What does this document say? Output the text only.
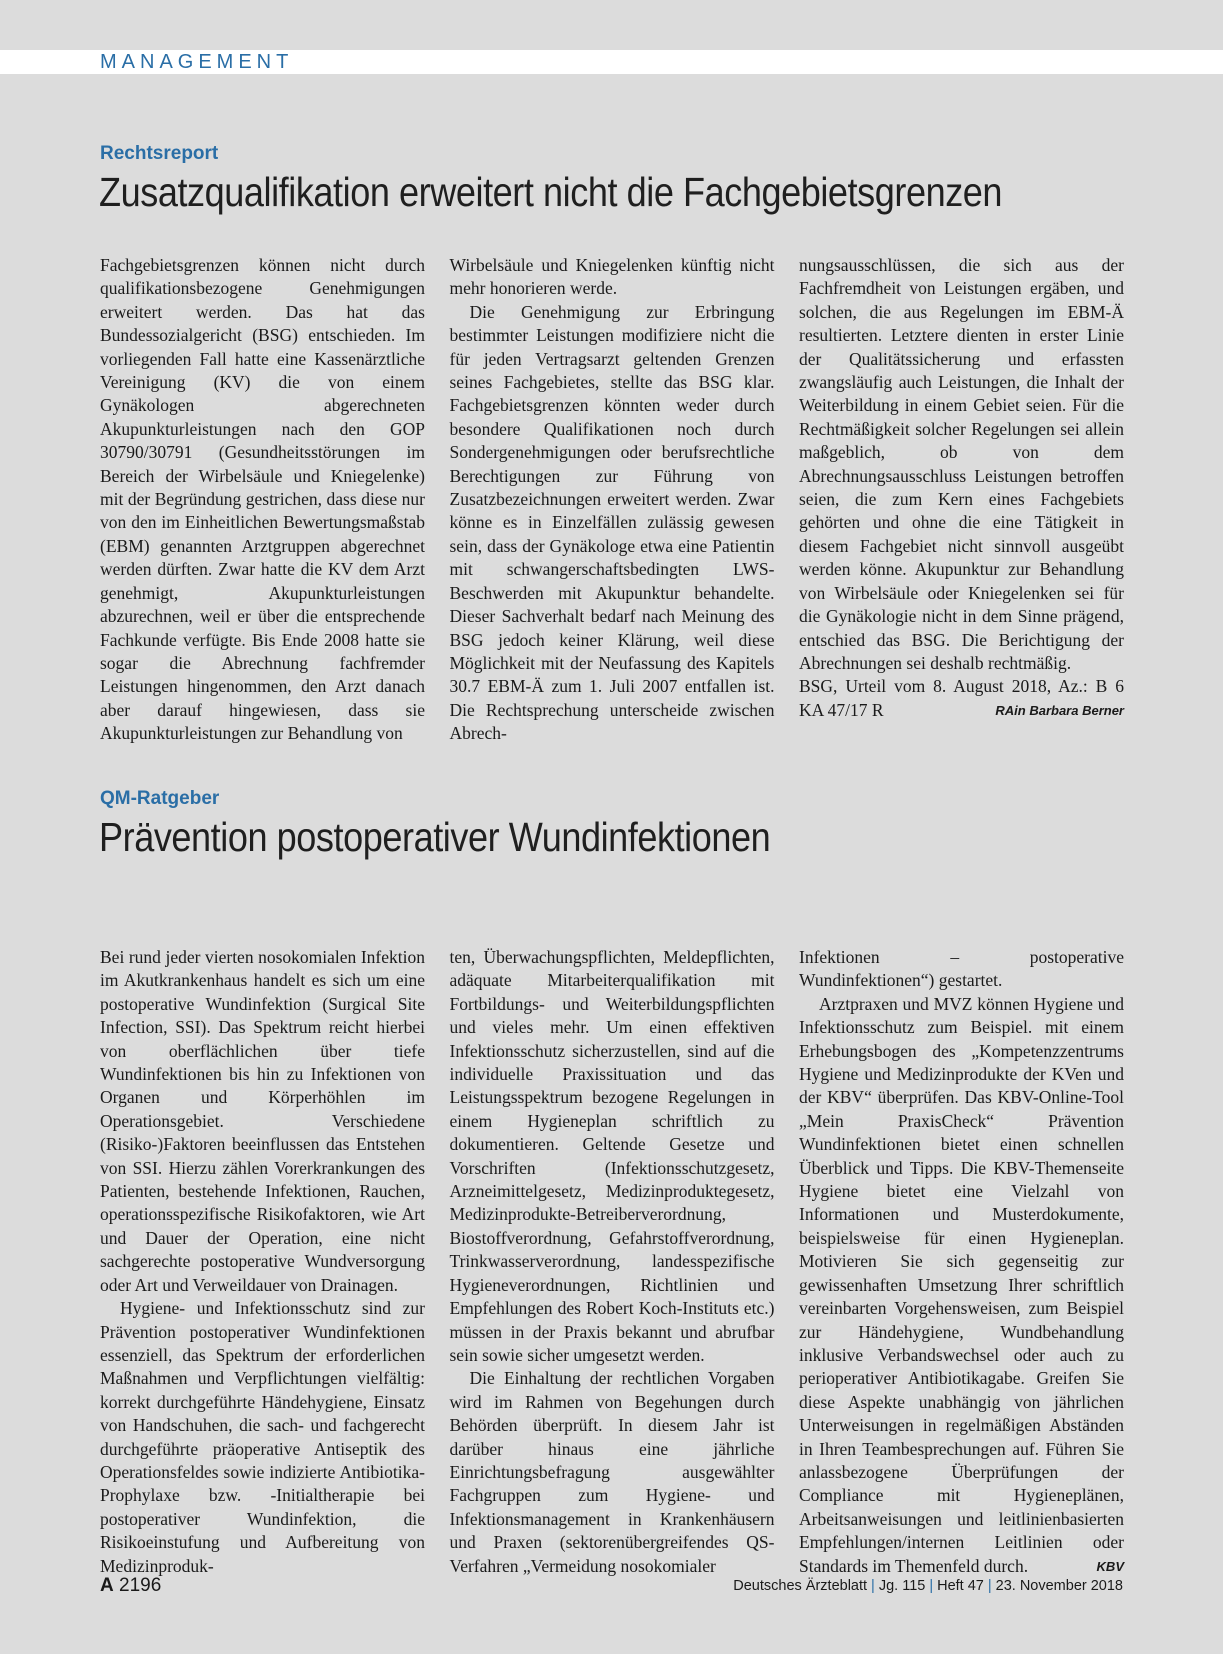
MANAGEMENT
Rechtsreport
Zusatzqualifikation erweitert nicht die Fachgebietsgrenzen

Fachgebietsgrenzen können nicht durch qualifikationsbezogene Genehmigungen erweitert werden. Das hat das Bundessozialgericht (BSG) entschieden. Im vorliegenden Fall hatte eine Kassenärztliche Vereinigung (KV) die von einem Gynäkologen abgerechneten Akupunkturleistungen nach den GOP 30790/30791 (Gesundheitsstörungen im Bereich der Wirbelsäule und Kniegelenke) mit der Begründung gestrichen, dass diese nur von den im Einheitlichen Bewertungsmaßstab (EBM) genannten Arztgruppen abgerechnet werden dürften. Zwar hatte die KV dem Arzt genehmigt, Akupunkturleistungen abzurechnen, weil er über die entsprechende Fachkunde verfügte. Bis Ende 2008 hatte sie sogar die Abrechnung fachfremder Leistungen hingenommen, den Arzt danach aber darauf hingewiesen, dass sie Akupunkturleistungen zur Behandlung von

Wirbelsäule und Kniegelenken künftig nicht mehr honorieren werde.

Die Genehmigung zur Erbringung bestimmter Leistungen modifiziere nicht die für jeden Vertragsarzt geltenden Grenzen seines Fachgebietes, stellte das BSG klar. Fachgebietsgrenzen könnten weder durch besondere Qualifikationen noch durch Sondergenehmigungen oder berufsrechtliche Berechtigungen zur Führung von Zusatzbezeichnungen erweitert werden. Zwar könne es in Einzelfällen zulässig gewesen sein, dass der Gynäkologe etwa eine Patientin mit schwangerschaftsbedingten LWS-Beschwerden mit Akupunktur behandelte. Dieser Sachverhalt bedarf nach Meinung des BSG jedoch keiner Klärung, weil diese Möglichkeit mit der Neufassung des Kapitels 30.7 EBM-Ä zum 1. Juli 2007 entfallen ist. Die Rechtsprechung unterscheide zwischen Abrech-

nungsausschlüssen, die sich aus der Fachfremdheit von Leistungen ergäben, und solchen, die aus Regelungen im EBM-Ä resultierten. Letztere dienten in erster Linie der Qualitätssicherung und erfassten zwangsläufig auch Leistungen, die Inhalt der Weiterbildung in einem Gebiet seien. Für die Rechtmäßigkeit solcher Regelungen sei allein maßgeblich, ob von dem Abrechnungsausschluss Leistungen betroffen seien, die zum Kern eines Fachgebiets gehörten und ohne die eine Tätigkeit in diesem Fachgebiet nicht sinnvoll ausgeübt werden könne. Akupunktur zur Behandlung von Wirbelsäule oder Kniegelenken sei für die Gynäkologie nicht in dem Sinne prägend, entschied das BSG. Die Berichtigung der Abrechnungen sei deshalb rechtmäßig.

BSG, Urteil vom 8. August 2018, Az.: B 6 KA 47/17 R	RAin Barbara Berner

QM-Ratgeber
Prävention postoperativer Wundinfektionen

Bei rund jeder vierten nosokomialen Infektion im Akutkrankenhaus handelt es sich um eine postoperative Wundinfektion (Surgical Site Infection, SSI). Das Spektrum reicht hierbei von oberflächlichen über tiefe Wundinfektionen bis hin zu Infektionen von Organen und Körperhöhlen im Operationsgebiet. Verschiedene (Risiko-)Faktoren beeinflussen das Entstehen von SSI. Hierzu zählen Vorerkrankungen des Patienten, bestehende Infektionen, Rauchen, operationsspezifische Risikofaktoren, wie Art und Dauer der Operation, eine nicht sachgerechte postoperative Wundversorgung oder Art und Verweildauer von Drainagen.

Hygiene- und Infektionsschutz sind zur Prävention postoperativer Wundinfektionen essenziell, das Spektrum der erforderlichen Maßnahmen und Verpflichtungen vielfältig: korrekt durchgeführte Händehygiene, Einsatz von Handschuhen, die sach- und fachgerecht durchgeführte präoperative Antiseptik des Operationsfeldes sowie indizierte Antibiotika-Prophylaxe bzw. -Initialtherapie bei postoperativer Wundinfektion, die Risikoeinstufung und Aufbereitung von Medizinproduk-

ten, Überwachungspflichten, Meldepflichten, adäquate Mitarbeiterqualifikation mit Fortbildungs- und Weiterbildungspflichten und vieles mehr. Um einen effektiven Infektionsschutz sicherzustellen, sind auf die individuelle Praxissituation und das Leistungsspektrum bezogene Regelungen in einem Hygieneplan schriftlich zu dokumentieren. Geltende Gesetze und Vorschriften (Infektionsschutzgesetz, Arzneimittelgesetz, Medizinproduktegesetz, Medizinprodukte-Betreiberverordnung, Biostoffverordnung, Gefahrstoffverordnung, Trinkwasserverordnung, landesspezifische Hygieneverordnungen, Richtlinien und Empfehlungen des Robert Koch-Instituts etc.) müssen in der Praxis bekannt und abrufbar sein sowie sicher umgesetzt werden.

Die Einhaltung der rechtlichen Vorgaben wird im Rahmen von Begehungen durch Behörden überprüft. In diesem Jahr ist darüber hinaus eine jährliche Einrichtungsbefragung ausgewählter Fachgruppen zum Hygiene- und Infektionsmanagement in Krankenhäusern und Praxen (sektorenübergreifendes QS-Verfahren „Vermeidung nosokomialer

Infektionen – postoperative Wundinfektionen“) gestartet.

Arztpraxen und MVZ können Hygiene und Infektionsschutz zum Beispiel. mit einem Erhebungsbogen des „Kompetenzzentrums Hygiene und Medizinprodukte der KVen und der KBV“ überprüfen. Das KBV-Online-Tool „Mein PraxisCheck“ Prävention Wundinfektionen bietet einen schnellen Überblick und Tipps. Die KBV-Themenseite Hygiene bietet eine Vielzahl von Informationen und Musterdokumente, beispielsweise für einen Hygieneplan. Motivieren Sie sich gegenseitig zur gewissenhaften Umsetzung Ihrer schriftlich vereinbarten Vorgehensweisen, zum Beispiel zur Händehygiene, Wundbehandlung inklusive Verbandswechsel oder auch zu perioperativer Antibiotikagabe. Greifen Sie diese Aspekte unabhängig von jährlichen Unterweisungen in regelmäßigen Abständen in Ihren Teambesprechungen auf. Führen Sie anlassbezogene Überprüfungen der Compliance mit Hygieneplänen, Arbeitsanweisungen und leitlinienbasierten Empfehlungen/internen Leitlinien oder Standards im Themenfeld durch.	KBV

A 2196	Deutsches Ärzteblatt | Jg. 115 | Heft 47 | 23. November 2018
